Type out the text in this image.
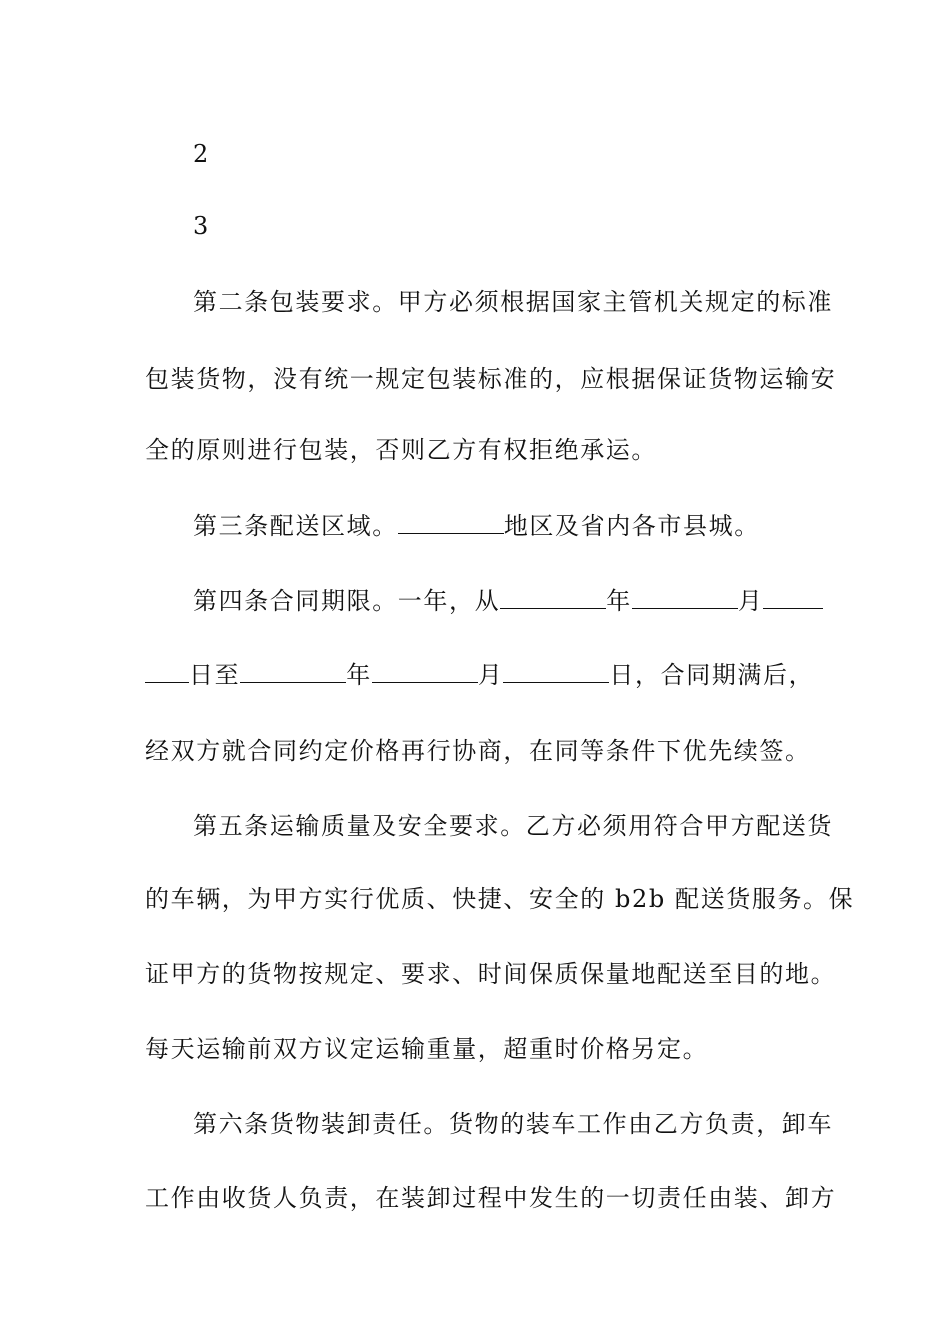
2
3
第二条包装要求。甲方必须根据国家主管机关规定的标准
包装货物，没有统一规定包装标准的，应根据保证货物运输安
全的原则进行包装，否则乙方有权拒绝承运。
第三条配送区域。	地区及省内各市县城。
第四条合同期限。一年，从	年	月
日至	年	月	日，合同期满后，
经双方就合同约定价格再行协商，在同等条件下优先续签。
第五条运输质量及安全要求。乙方必须用符合甲方配送货
的车辆，为甲方实行优质、快捷、安全的 b2b 配送货服务。保
证甲方的货物按规定、要求、时间保质保量地配送至目的地。
每天运输前双方议定运输重量，超重时价格另定。
第六条货物装卸责任。货物的装车工作由乙方负责，卸车
工作由收货人负责，在装卸过程中发生的一切责任由装、卸方
